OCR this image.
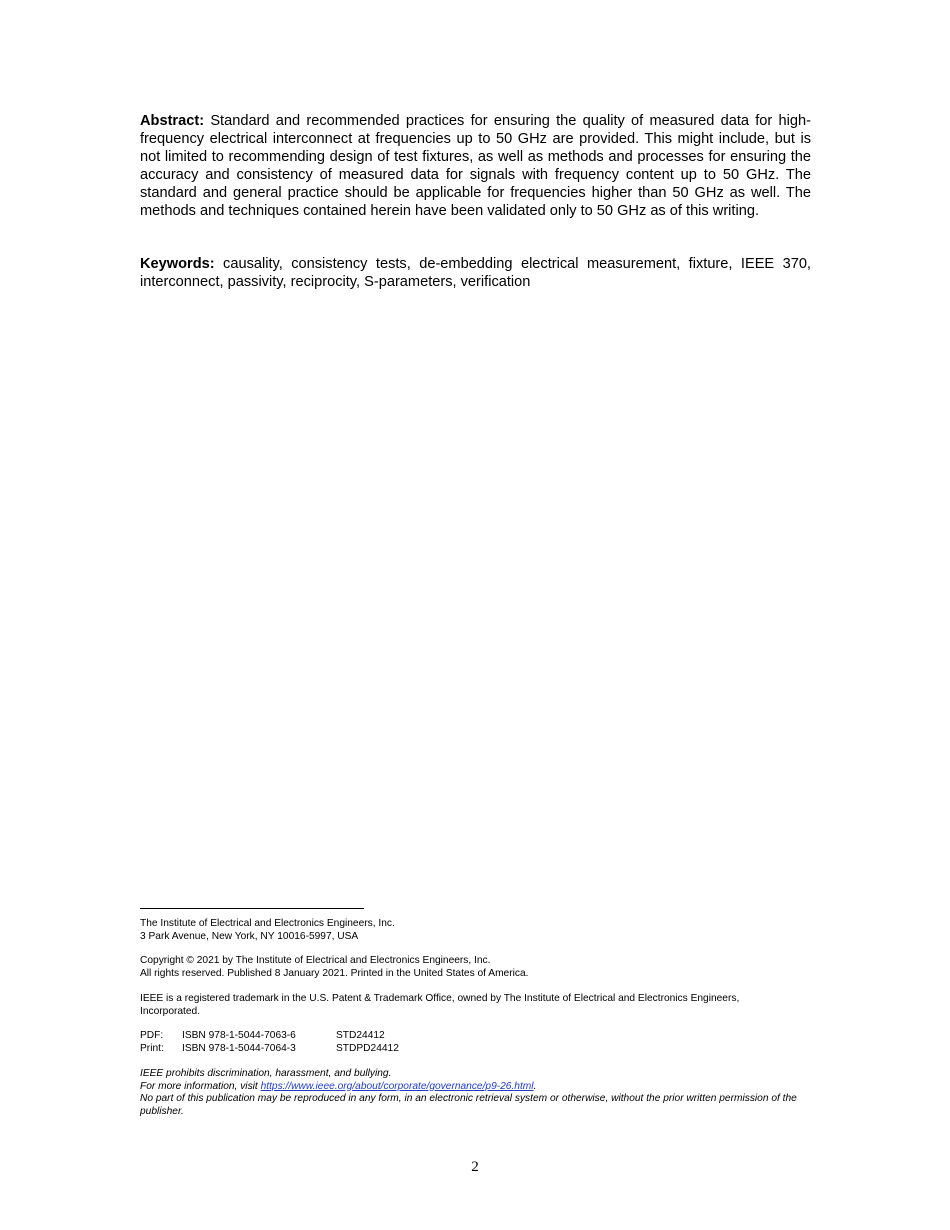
Abstract: Standard and recommended practices for ensuring the quality of measured data for high-frequency electrical interconnect at frequencies up to 50 GHz are provided. This might include, but is not limited to recommending design of test fixtures, as well as methods and processes for ensuring the accuracy and consistency of measured data for signals with frequency content up to 50 GHz. The standard and general practice should be applicable for frequencies higher than 50 GHz as well. The methods and techniques contained herein have been validated only to 50 GHz as of this writing.

Keywords: causality, consistency tests, de-embedding electrical measurement, fixture, IEEE 370, interconnect, passivity, reciprocity, S-parameters, verification

The Institute of Electrical and Electronics Engineers, Inc.
3 Park Avenue, New York, NY 10016-5997, USA
Copyright © 2021 by The Institute of Electrical and Electronics Engineers, Inc.
All rights reserved. Published 8 January 2021. Printed in the United States of America.
IEEE is a registered trademark in the U.S. Patent & Trademark Office, owned by The Institute of Electrical and Electronics Engineers, Incorporated.
PDF: ISBN 978-1-5044-7063-6	STD24412
Print: ISBN 978-1-5044-7064-3	STDPD24412
IEEE prohibits discrimination, harassment, and bullying.
For more information, visit https://www.ieee.org/about/corporate/governance/p9-26.html.
No part of this publication may be reproduced in any form, in an electronic retrieval system or otherwise, without the prior written permission of the publisher.
2
